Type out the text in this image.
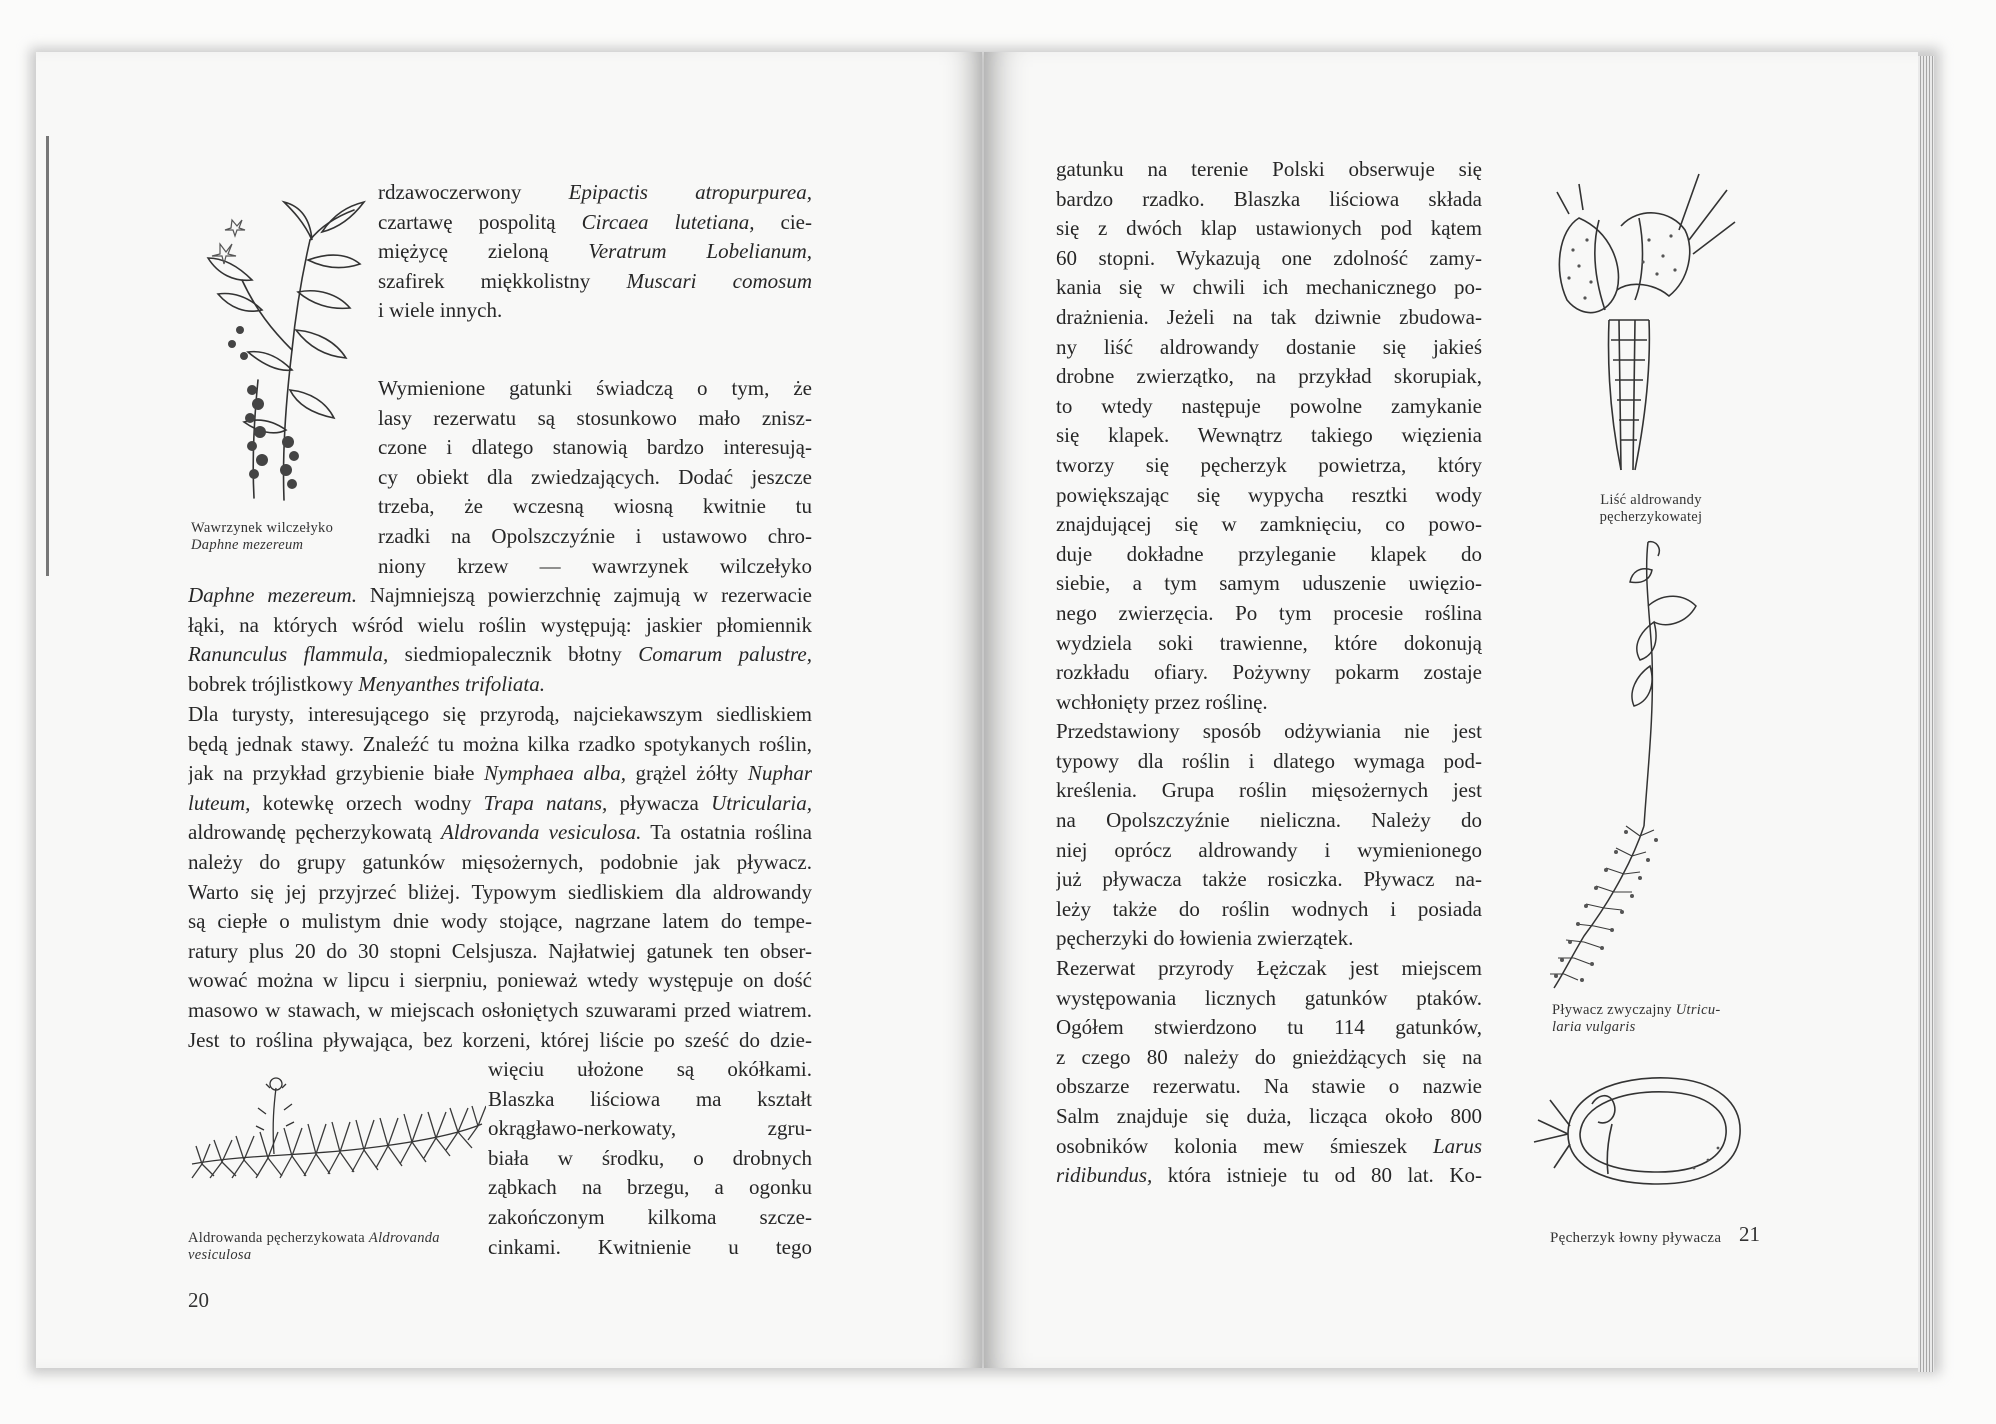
Wawrzynek wilczełyko
Daphne mezereum
rdzawoczerwony Epipactis atropurpurea,
czartawę pospolitą Circaea lutetiana, cie-
miężycę zieloną Veratrum Lobelianum,
szafirek miękkolistny Muscari comosum
i wiele innych.
Wymienione gatunki świadczą o tym, że
lasy rezerwatu są stosunkowo mało znisz-
czone i dlatego stanowią bardzo interesują-
cy obiekt dla zwiedzających. Dodać jeszcze
trzeba, że wczesną wiosną kwitnie tu
rzadki na Opolszczyźnie i ustawowo chro-
niony krzew — wawrzynek wilczełyko
Daphne mezereum. Najmniejszą powierzchnię zajmują w rezerwacie
łąki, na których wśród wielu roślin występują: jaskier płomiennik
Ranunculus flammula, siedmiopalecznik błotny Comarum palustre,
bobrek trójlistkowy Menyanthes trifoliata.
Dla turysty, interesującego się przyrodą, najciekawszym siedliskiem
będą jednak stawy. Znaleźć tu można kilka rzadko spotykanych roślin,
jak na przykład grzybienie białe Nymphaea alba, grążel żółty Nuphar
luteum, kotewkę orzech wodny Trapa natans, pływacza Utricularia,
aldrowandę pęcherzykowatą Aldrovanda vesiculosa. Ta ostatnia roślina
należy do grupy gatunków mięsożernych, podobnie jak pływacz.
Warto się jej przyjrzeć bliżej. Typowym siedliskiem dla aldrowandy
są ciepłe o mulistym dnie wody stojące, nagrzane latem do tempe-
ratury plus 20 do 30 stopni Celsjusza. Najłatwiej gatunek ten obser-
wować można w lipcu i sierpniu, ponieważ wtedy występuje on dość
masowo w stawach, w miejscach osłoniętych szuwarami przed wiatrem.
Jest to roślina pływająca, bez korzeni, której liście po sześć do dzie-
więciu ułożone są okółkami.
Blaszka liściowa ma kształt
okrągławo-nerkowaty, zgru-
biała w środku, o drobnych
ząbkach na brzegu, a ogonku
zakończonym kilkoma szcze-
cinkami. Kwitnienie u tego
Aldrowanda pęcherzykowata Aldrovanda
vesiculosa
20
gatunku na terenie Polski obserwuje się
bardzo rzadko. Blaszka liściowa składa
się z dwóch klap ustawionych pod kątem
60 stopni. Wykazują one zdolność zamy-
kania się w chwili ich mechanicznego po-
drażnienia. Jeżeli na tak dziwnie zbudowa-
ny liść aldrowandy dostanie się jakieś
drobne zwierzątko, na przykład skorupiak,
to wtedy następuje powolne zamykanie
się klapek. Wewnątrz takiego więzienia
tworzy się pęcherzyk powietrza, który
powiększając się wypycha resztki wody
znajdującej się w zamknięciu, co powo-
duje dokładne przyleganie klapek do
siebie, a tym samym uduszenie uwięzio-
nego zwierzęcia. Po tym procesie roślina
wydziela soki trawienne, które dokonują
rozkładu ofiary. Pożywny pokarm zostaje
wchłonięty przez roślinę.
Przedstawiony sposób odżywiania nie jest
typowy dla roślin i dlatego wymaga pod-
kreślenia. Grupa roślin mięsożernych jest
na Opolszczyźnie nieliczna. Należy do
niej oprócz aldrowandy i wymienionego
już pływacza także rosiczka. Pływacz na-
leży także do roślin wodnych i posiada
pęcherzyki do łowienia zwierzątek.
Rezerwat przyrody Łężczak jest miejscem
występowania licznych gatunków ptaków.
Ogółem stwierdzono tu 114 gatunków,
z czego 80 należy do gnieżdżących się na
obszarze rezerwatu. Na stawie o nazwie
Salm znajduje się duża, licząca około 800
osobników kolonia mew śmieszek Larus
ridibundus, która istnieje tu od 80 lat. Ko-
Liść aldrowandy
pęcherzykowatej
Pływacz zwyczajny Utricu-
laria vulgaris
Pęcherzyk łowny pływacza 21
